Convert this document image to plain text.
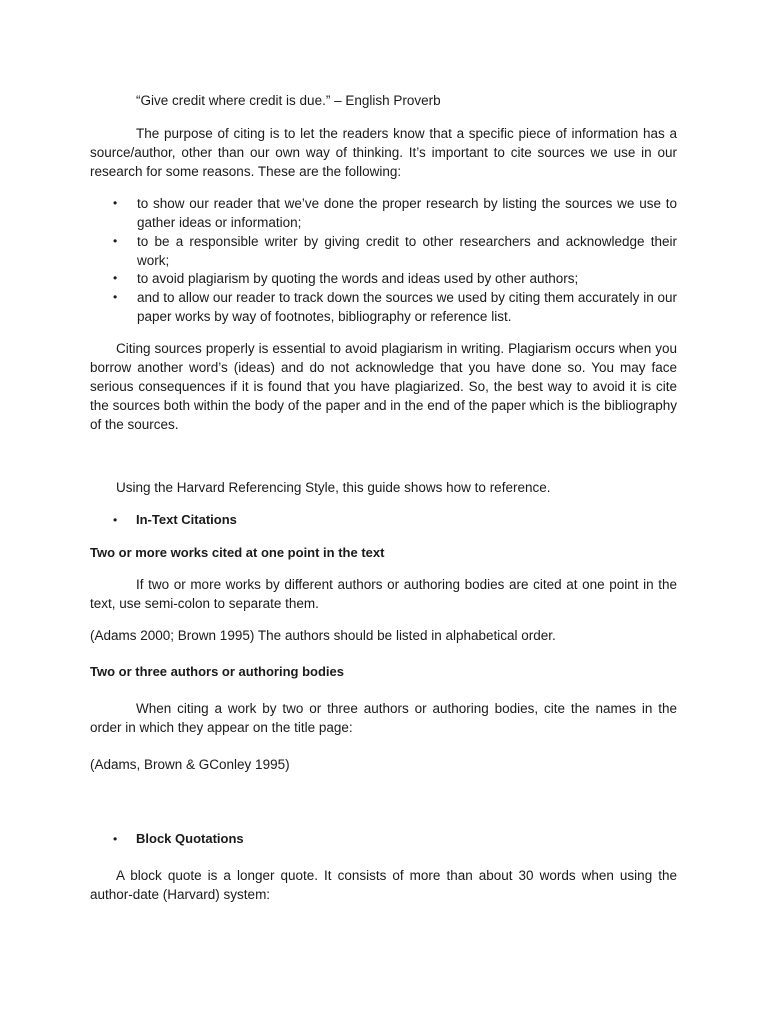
“Give credit where credit is due.” – English Proverb

The purpose of citing is to let the readers know that a specific piece of information has a source/author, other than our own way of thinking. It’s important to cite sources we use in our research for some reasons. These are the following:

•	to show our reader that we’ve done the proper research by listing the sources we use to gather ideas or information;
•	to be a responsible writer by giving credit to other researchers and acknowledge their work;
•	to avoid plagiarism by quoting the words and ideas used by other authors;
•	and to allow our reader to track down the sources we used by citing them accurately in our paper works by way of footnotes, bibliography or reference list.

Citing sources properly is essential to avoid plagiarism in writing. Plagiarism occurs when you borrow another word’s (ideas) and do not acknowledge that you have done so. You may face serious consequences if it is found that you have plagiarized. So, the best way to avoid it is cite the sources both within the body of the paper and in the end of the paper which is the bibliography of the sources.

Using the Harvard Referencing Style, this guide shows how to reference.

• In-Text Citations

Two or more works cited at one point in the text

If two or more works by different authors or authoring bodies are cited at one point in the text, use semi-colon to separate them.

(Adams 2000; Brown 1995) The authors should be listed in alphabetical order.

Two or three authors or authoring bodies

When citing a work by two or three authors or authoring bodies, cite the names in the order in which they appear on the title page:

(Adams, Brown & GConley 1995)

• Block Quotations

A block quote is a longer quote. It consists of more than about 30 words when using the author-date (Harvard) system:
